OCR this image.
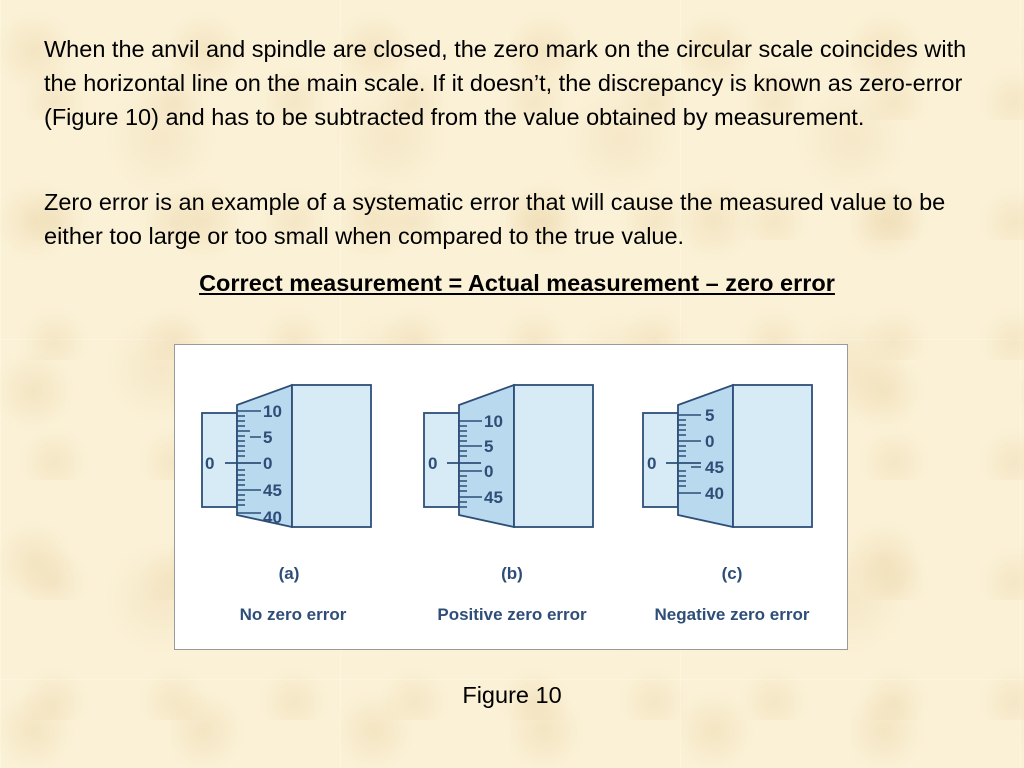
When the anvil and spindle are closed, the zero mark on the circular scale coincides with the horizontal line on the main scale. If it doesn’t, the discrepancy is known as zero-error (Figure 10) and has to be subtracted from the value obtained by measurement.

Zero error is an example of a systematic error that will cause the measured value to be either too large or too small when compared to the true value.

Correct measurement = Actual measurement – zero error

0
10
5
0
45
40
(a)
No zero error
0
10
5
0
45
(b)
Positive zero error
0
5
0
45
40
(c)
Negative zero error

Figure 10
